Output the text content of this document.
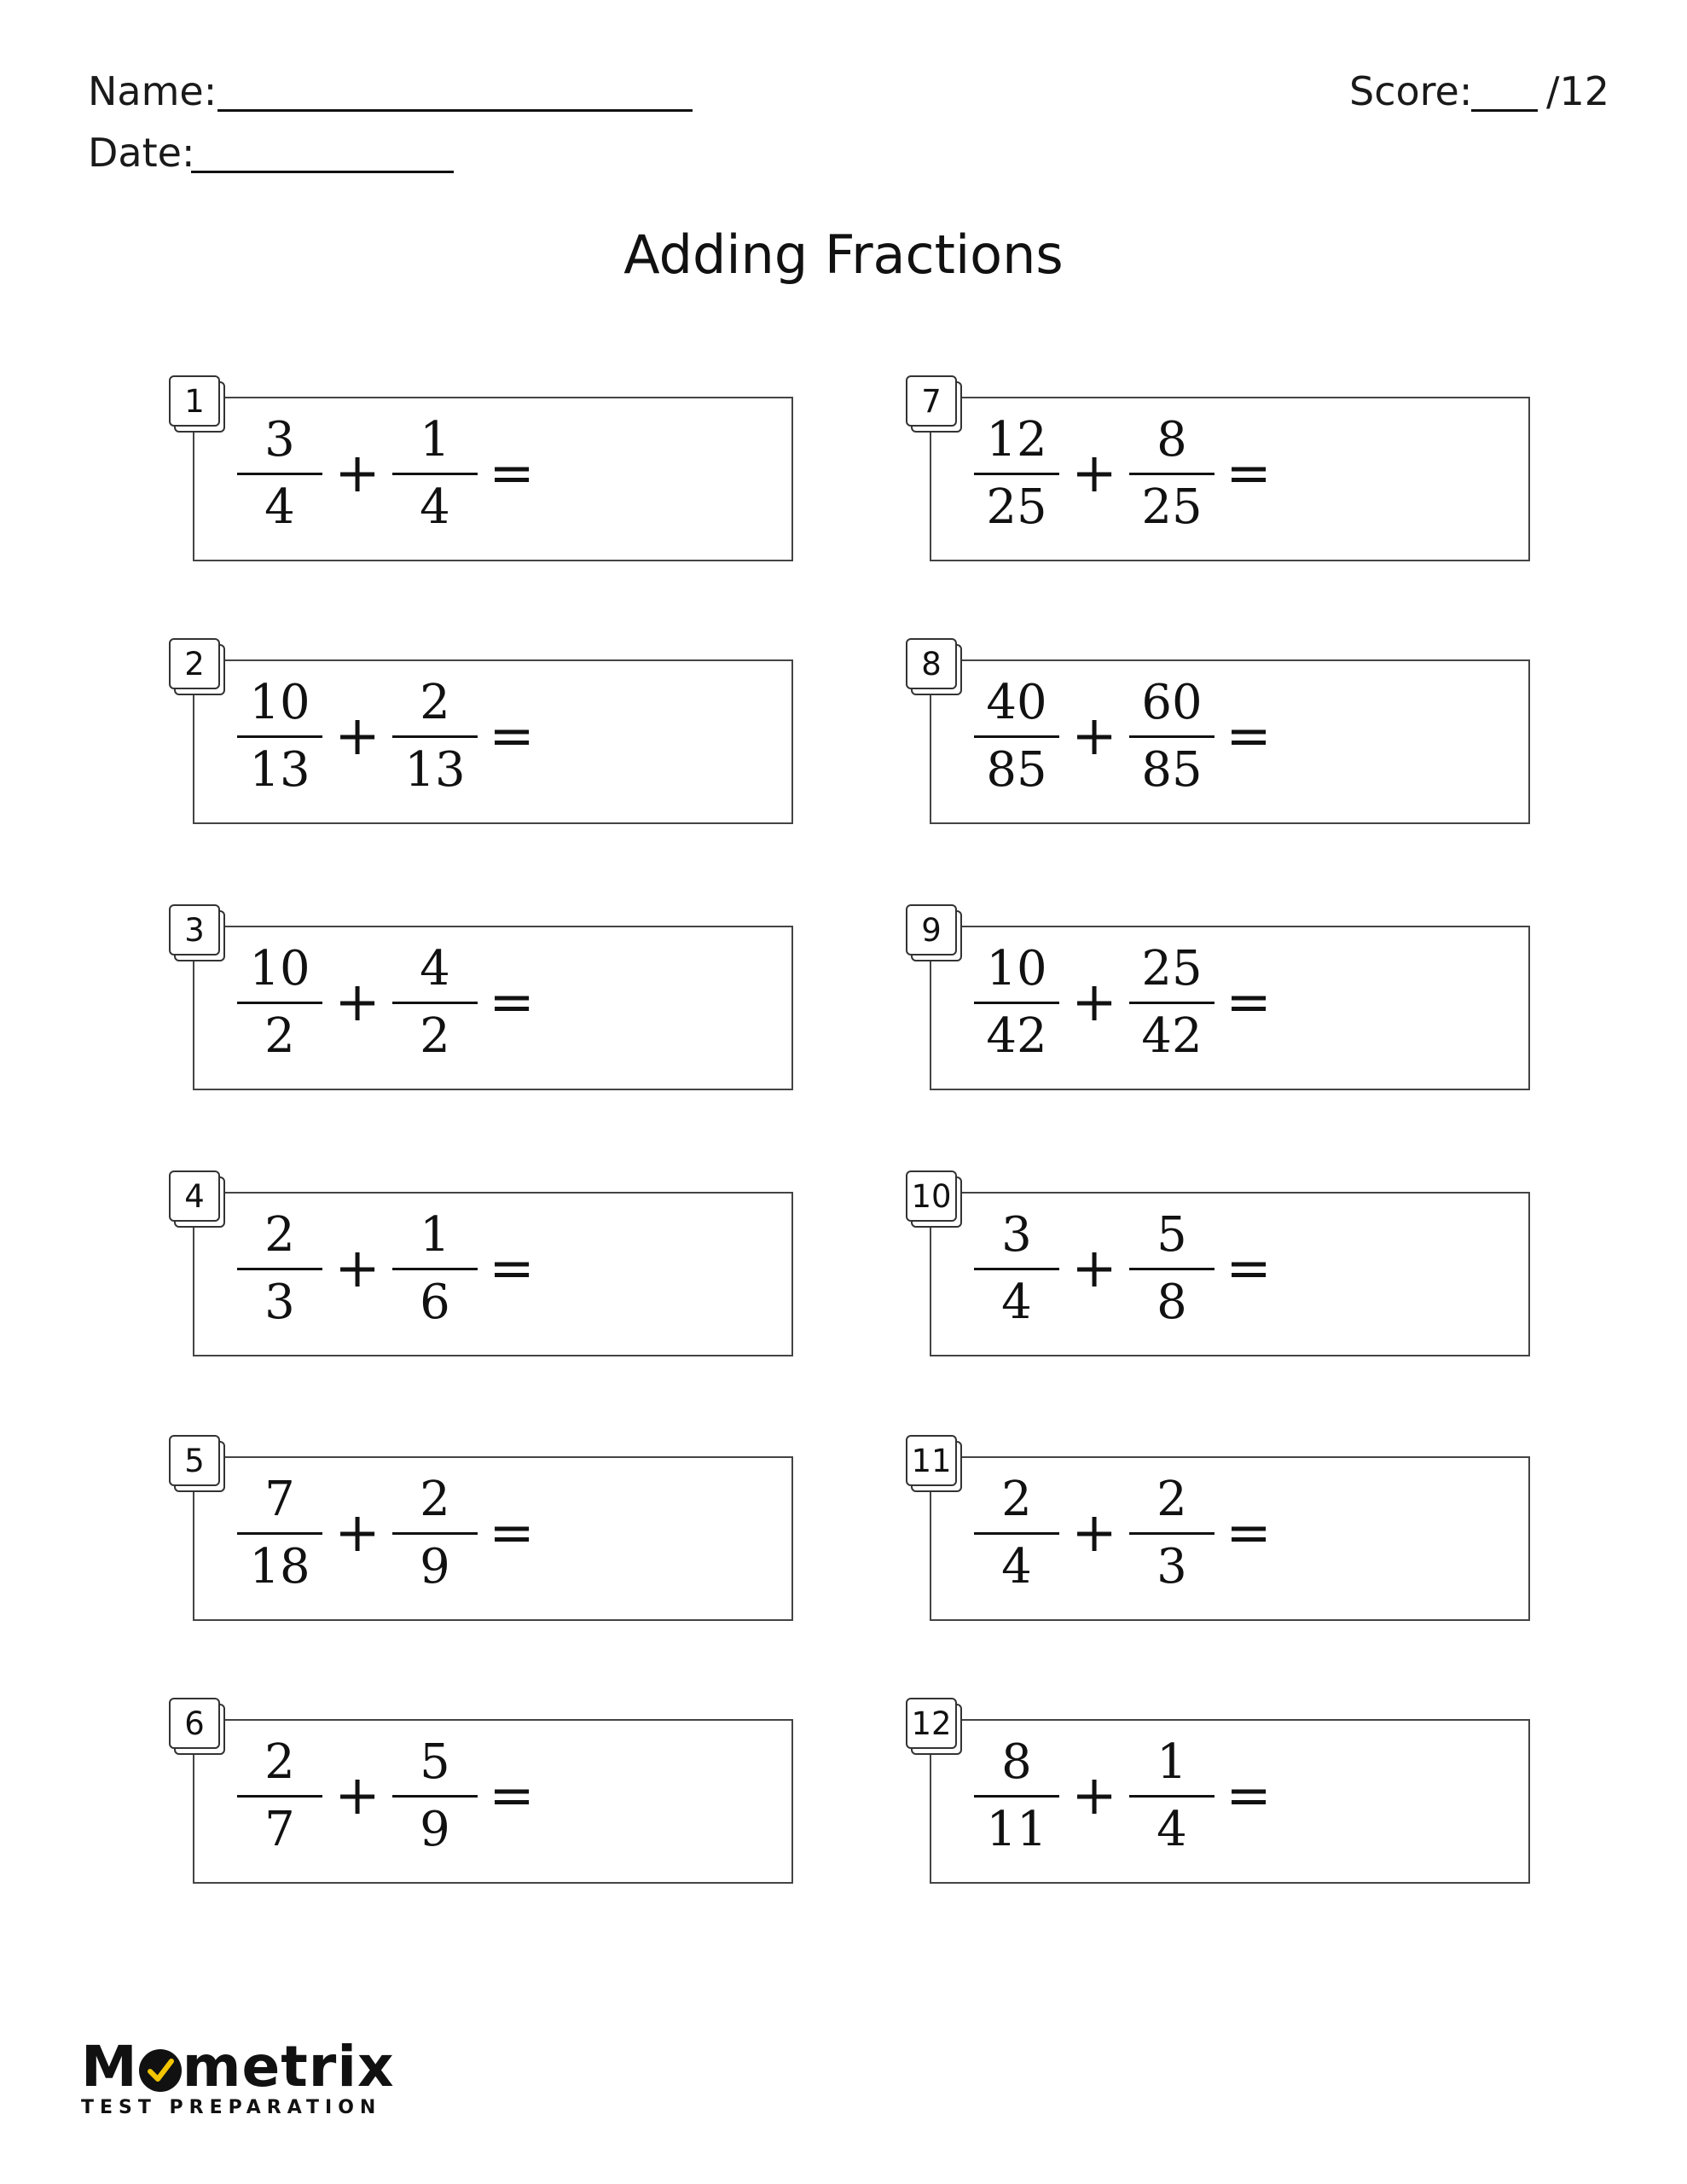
Name:
Date:
Score: /12
Adding Fractions
1
$\frac{3}{4} + \frac{1}{4}$ =
2
$\frac{10}{13} + \frac{2}{13}$ =
3
$\frac{10}{2} + \frac{4}{2}$ =
4
$\frac{2}{3} + \frac{1}{6}$ =
5
$\frac{7}{18} + \frac{2}{9}$ =
6
$\frac{2}{7} + \frac{5}{9}$ =
7
$\frac{12}{25} + \frac{8}{25}$ =
8
$\frac{40}{85} + \frac{60}{85}$ =
9
$\frac{10}{42} + \frac{25}{42}$ =
10
$\frac{3}{4} + \frac{5}{8}$ =
11
$\frac{2}{4} + \frac{2}{3}$ =
12
$\frac{8}{11} + \frac{1}{4}$ =
M metrix
TEST PREPARATION
